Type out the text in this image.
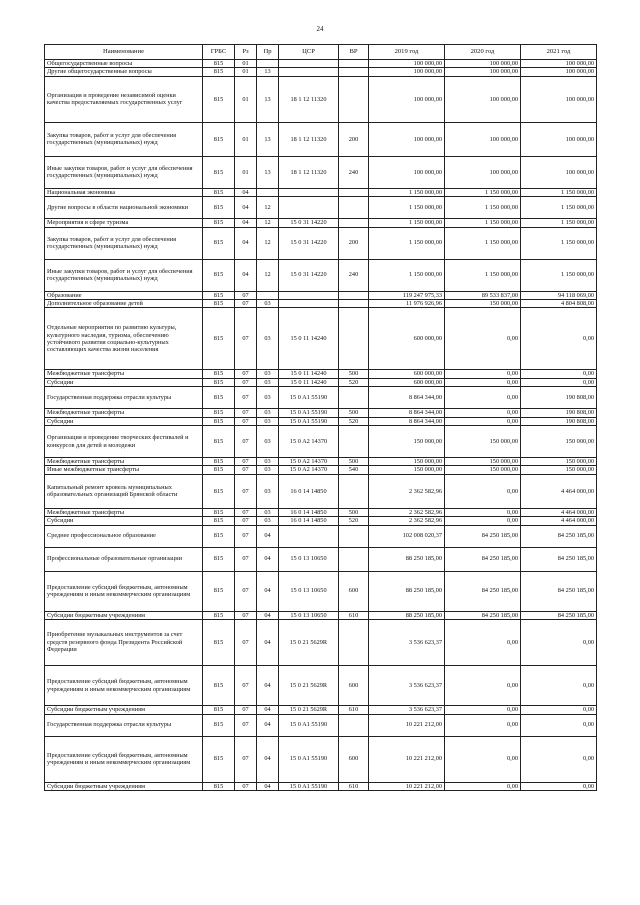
24
Наименование	ГРБС	Рз	Пр	ЦСР	ВР	2019 год	2020 год	2021 год
Общегосударственные вопросы	815	01				100 000,00	100 000,00	100 000,00
Другие общегосударственные вопросы	815	01	13			100 000,00	100 000,00	100 000,00
Организация и проведение независимой оценки качества предоставляемых государственных услуг	815	01	13	18 1 12 11320		100 000,00	100 000,00	100 000,00
Закупка товаров, работ и услуг для обеспечения государственных (муниципальных) нужд	815	01	13	18 1 12 11320	200	100 000,00	100 000,00	100 000,00
Иные закупки товаров, работ и услуг для обеспечения государственных (муниципальных) нужд	815	01	13	18 1 12 11320	240	100 000,00	100 000,00	100 000,00
Национальная экономика	815	04				1 150 000,00	1 150 000,00	1 150 000,00
Другие вопросы в области национальной экономики	815	04	12			1 150 000,00	1 150 000,00	1 150 000,00
Мероприятия в сфере туризма	815	04	12	15 0 31 14220		1 150 000,00	1 150 000,00	1 150 000,00
Закупка товаров, работ и услуг для обеспечения государственных (муниципальных) нужд	815	04	12	15 0 31 14220	200	1 150 000,00	1 150 000,00	1 150 000,00
Иные закупки товаров, работ и услуг для обеспечения государственных (муниципальных) нужд	815	04	12	15 0 31 14220	240	1 150 000,00	1 150 000,00	1 150 000,00
Образование	815	07				119 247 975,33	89 533 837,00	94 118 069,00
Дополнительное образование детей	815	07	03			11 976 926,96	150 000,00	4 804 808,00
Отдельные мероприятия по развитию культуры, культурного наследия, туризма, обеспечению устойчивого развития социально-культурных составляющих качества жизни населения	815	07	03	15 0 11 14240		600 000,00	0,00	0,00
Межбюджетные трансферты	815	07	03	15 0 11 14240	500	600 000,00	0,00	0,00
Субсидии	815	07	03	15 0 11 14240	520	600 000,00	0,00	0,00
Государственная поддержка отрасли культуры	815	07	03	15 0 A1 55190		8 864 344,00	0,00	190 808,00
Межбюджетные трансферты	815	07	03	15 0 A1 55190	500	8 864 344,00	0,00	190 808,00
Субсидии	815	07	03	15 0 A1 55190	520	8 864 344,00	0,00	190 808,00
Организация и проведение творческих фестивалей и конкурсов для детей и молодежи	815	07	03	15 0 A2 14370		150 000,00	150 000,00	150 000,00
Межбюджетные трансферты	815	07	03	15 0 A2 14370	500	150 000,00	150 000,00	150 000,00
Иные межбюджетные трансферты	815	07	03	15 0 A2 14370	540	150 000,00	150 000,00	150 000,00
Капитальный ремонт кровель муниципальных образовательных организаций Брянской области	815	07	03	16 0 14 14850		2 362 582,96	0,00	4 464 000,00
Межбюджетные трансферты	815	07	03	16 0 14 14850	500	2 362 582,96	0,00	4 464 000,00
Субсидии	815	07	03	16 0 14 14850	520	2 362 582,96	0,00	4 464 000,00
Среднее профессиональное образование	815	07	04			102 008 020,37	84 250 185,00	84 250 185,00
Профессиональные образовательные организации	815	07	04	15 0 13 10650		88 250 185,00	84 250 185,00	84 250 185,00
Предоставление субсидий бюджетным, автономным учреждениям и иным некоммерческим организациям	815	07	04	15 0 13 10650	600	88 250 185,00	84 250 185,00	84 250 185,00
Субсидии бюджетным учреждениям	815	07	04	15 0 13 10650	610	88 250 185,00	84 250 185,00	84 250 185,00
Приобретение музыкальных инструментов за счет средств резервного фонда Президента Российской Федерации	815	07	04	15 0 21 5629R		3 536 623,37	0,00	0,00
Предоставление субсидий бюджетным, автономным учреждениям и иным некоммерческим организациям	815	07	04	15 0 21 5629R	600	3 536 623,37	0,00	0,00
Субсидии бюджетным учреждениям	815	07	04	15 0 21 5629R	610	3 536 623,37	0,00	0,00
Государственная поддержка отрасли культуры	815	07	04	15 0 A1 55190		10 221 212,00	0,00	0,00
Предоставление субсидий бюджетным, автономным учреждениям и иным некоммерческим организациям	815	07	04	15 0 A1 55190	600	10 221 212,00	0,00	0,00
Субсидии бюджетным учреждениям	815	07	04	15 0 A1 55190	610	10 221 212,00	0,00	0,00
